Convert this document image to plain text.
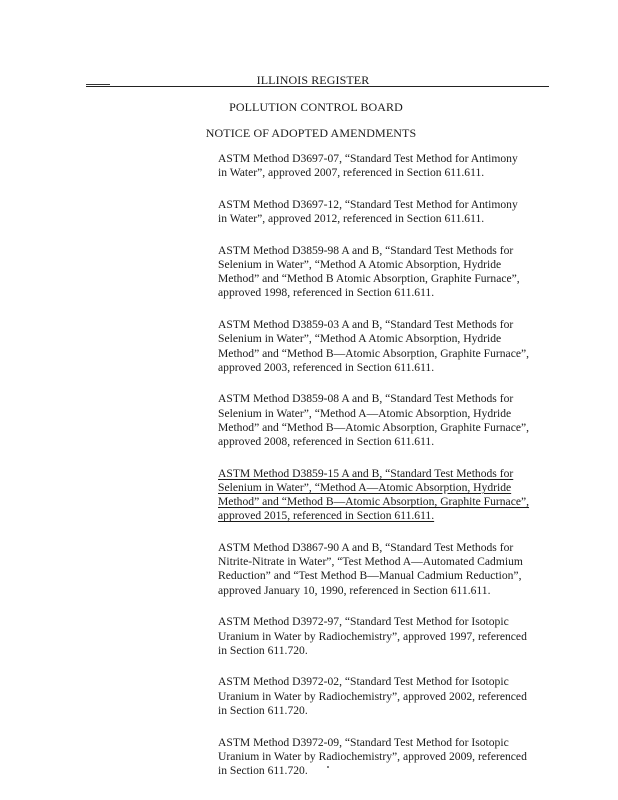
ILLINOIS REGISTER
POLLUTION CONTROL BOARD
NOTICE OF ADOPTED AMENDMENTS

ASTM Method D3697-07, “Standard Test Method for Antimony
in Water”, approved 2007, referenced in Section 611.611.

ASTM Method D3697-12, “Standard Test Method for Antimony
in Water”, approved 2012, referenced in Section 611.611.

ASTM Method D3859-98 A and B, “Standard Test Methods for
Selenium in Water”, “Method A Atomic Absorption, Hydride
Method” and “Method B Atomic Absorption, Graphite Furnace”,
approved 1998, referenced in Section 611.611.

ASTM Method D3859-03 A and B, “Standard Test Methods for
Selenium in Water”, “Method A Atomic Absorption, Hydride
Method” and “Method B—Atomic Absorption, Graphite Furnace”,
approved 2003, referenced in Section 611.611.

ASTM Method D3859-08 A and B, “Standard Test Methods for
Selenium in Water”, “Method A—Atomic Absorption, Hydride
Method” and “Method B—Atomic Absorption, Graphite Furnace”,
approved 2008, referenced in Section 611.611.

ASTM Method D3859-15 A and B, “Standard Test Methods for
Selenium in Water”, “Method A—Atomic Absorption, Hydride
Method” and “Method B—Atomic Absorption, Graphite Furnace”,
approved 2015, referenced in Section 611.611.

ASTM Method D3867-90 A and B, “Standard Test Methods for
Nitrite-Nitrate in Water”, “Test Method A—Automated Cadmium
Reduction” and “Test Method B—Manual Cadmium Reduction”,
approved January 10, 1990, referenced in Section 611.611.

ASTM Method D3972-97, “Standard Test Method for Isotopic
Uranium in Water by Radiochemistry”, approved 1997, referenced
in Section 611.720.

ASTM Method D3972-02, “Standard Test Method for Isotopic
Uranium in Water by Radiochemistry”, approved 2002, referenced
in Section 611.720.

ASTM Method D3972-09, “Standard Test Method for Isotopic
Uranium in Water by Radiochemistry”, approved 2009, referenced
in Section 611.720.
